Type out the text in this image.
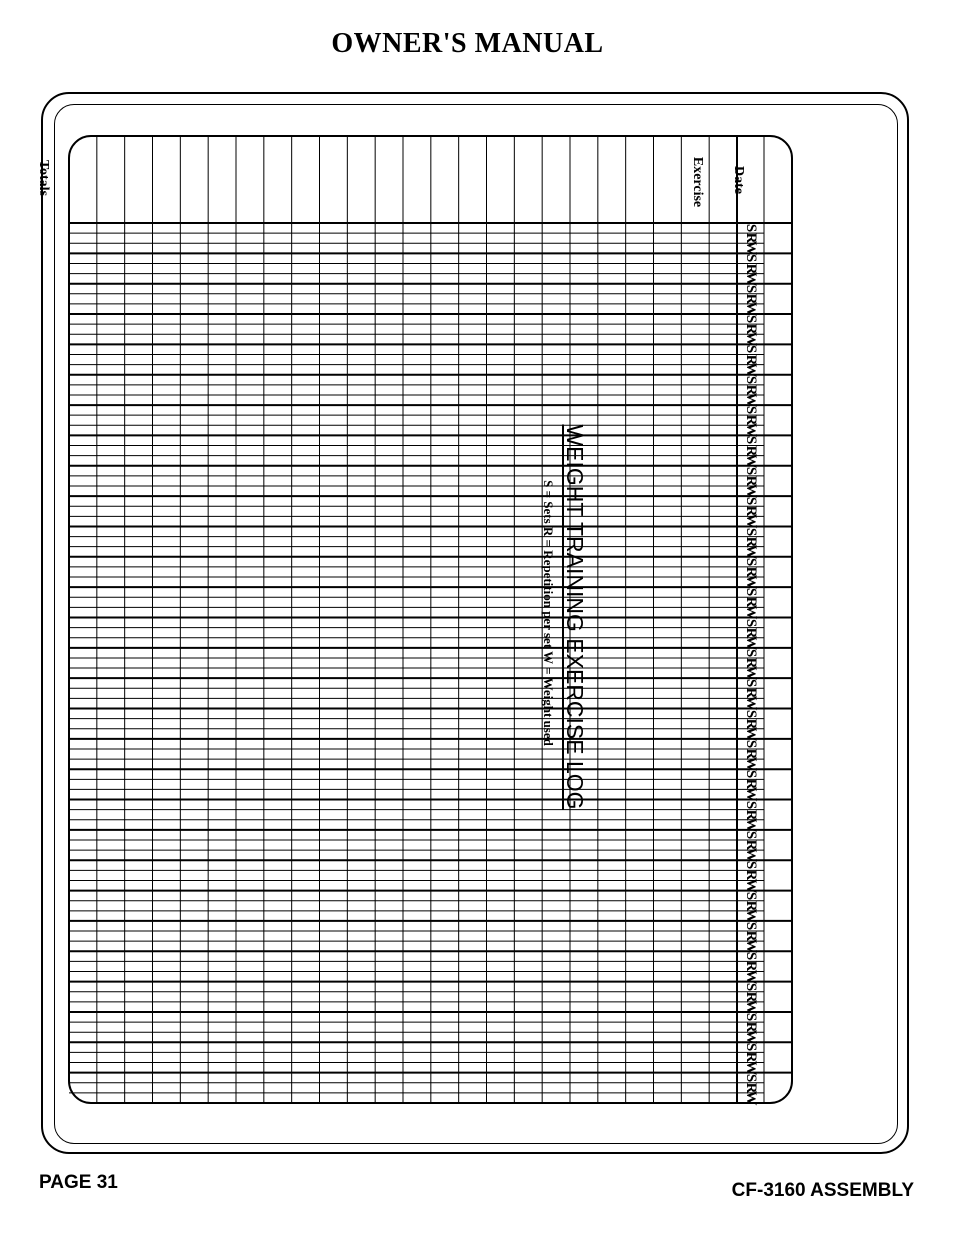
OWNER'S MANUAL
WEIGHT TRAINING EXERCISE LOG
S = Sets R = Repetition per set W = Weight used
Date
Exercise
Totals
S
R
W
S
R
W
S
R
W
S
R
W
S
R
W
S
R
W
S
R
W
S
R
W
S
R
W
S
R
W
S
R
W
S
R
W
S
R
W
S
R
W
S
R
W
S
R
W
S
R
W
S
R
W
S
R
W
S
R
W
S
R
W
S
R
W
S
R
W
S
R
W
S
R
W
S
R
W
S
R
W
S
R
W
S
R
W
PAGE 31	CF-3160 ASSEMBLY
